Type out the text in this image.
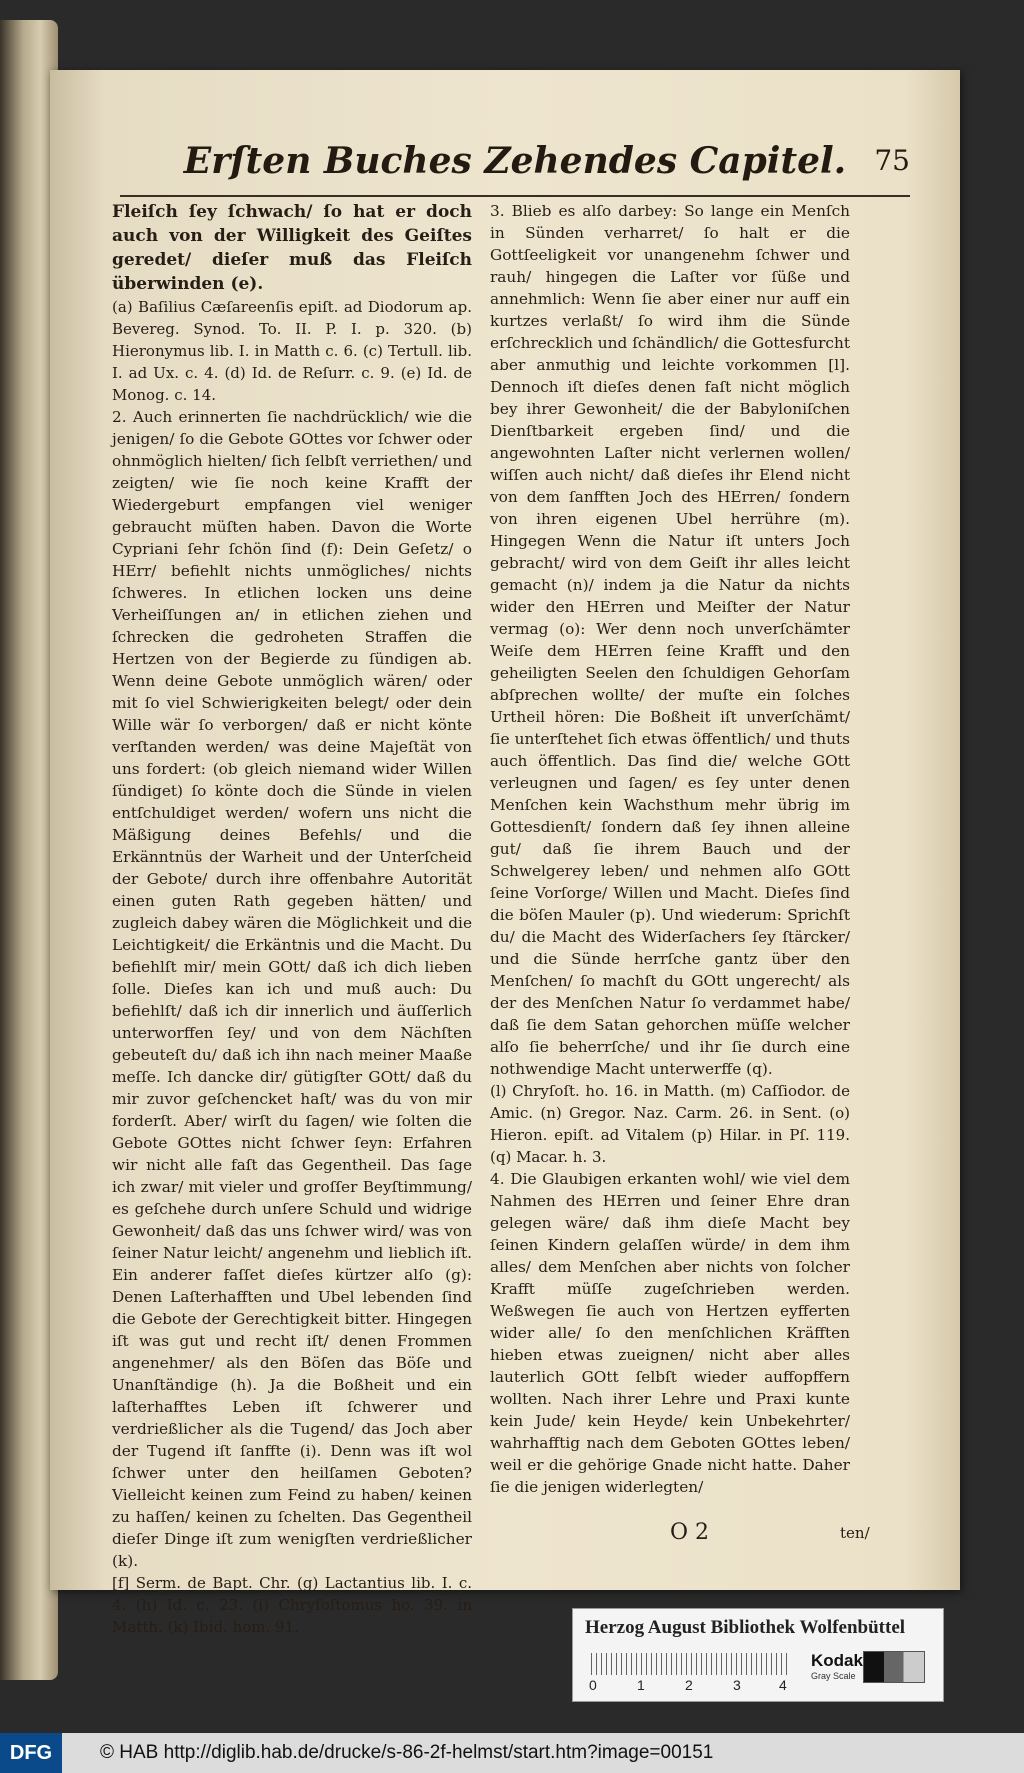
Erſten Buches Zehendes Capitel.	75

Fleiſch ſey ſchwach/ ſo hat er doch auch von der Willigkeit des Geiſtes geredet/ dieſer muß das Fleiſch überwinden (e).

(a) Baſilius Cæſareenſis epiſt. ad Diodorum ap. Bevereg. Synod. To. II. P. I. p. 320. (b) Hieronymus lib. I. in Matth c. 6. (c) Tertull. lib. I. ad Ux. c. 4. (d) Id. de Reſurr. c. 9. (e) Id. de Monog. c. 14.

2. Auch erinnerten ſie nachdrücklich/ wie die jenigen/ ſo die Gebote GOttes vor ſchwer oder ohnmöglich hielten/ ſich ſelbſt verriethen/ und zeigten/ wie ſie noch keine Krafft der Wiedergeburt empfangen viel weniger gebraucht müſten haben. Davon die Worte Cypriani ſehr ſchön ſind (f): Dein Geſetz/ o HErr/ befiehlt nichts unmögliches/ nichts ſchweres. In etlichen locken uns deine Verheiſſungen an/ in etlichen ziehen und ſchrecken die gedroheten Straffen die Hertzen von der Begierde zu ſündigen ab. Wenn deine Gebote unmöglich wären/ oder mit ſo viel Schwierigkeiten belegt/ oder dein Wille wär ſo verborgen/ daß er nicht könte verſtanden werden/ was deine Majeſtät von uns fordert: (ob gleich niemand wider Willen ſündiget) ſo könte doch die Sünde in vielen entſchuldiget werden/ wofern uns nicht die Mäßigung deines Befehls/ und die Erkänntnüs der Warheit und der Unterſcheid der Gebote/ durch ihre offenbahre Autorität einen guten Rath gegeben hätten/ und zugleich dabey wären die Möglichkeit und die Leichtigkeit/ die Erkäntnis und die Macht. Du befiehlſt mir/ mein GOtt/ daß ich dich lieben ſolle. Dieſes kan ich und muß auch: Du befiehlſt/ daß ich dir innerlich und äuſſerlich unterworffen ſey/ und von dem Nächſten gebeuteſt du/ daß ich ihn nach meiner Maaße meſſe. Ich dancke dir/ gütigſter GOtt/ daß du mir zuvor geſchencket haſt/ was du von mir forderſt. Aber/ wirſt du ſagen/ wie ſolten die Gebote GOttes nicht ſchwer ſeyn: Erfahren wir nicht alle faſt das Gegentheil. Das ſage ich zwar/ mit vieler und groſſer Beyſtimmung/ es geſchehe durch unſere Schuld und widrige Gewonheit/ daß das uns ſchwer wird/ was von ſeiner Natur leicht/ angenehm und lieblich iſt. Ein anderer faſſet dieſes kürtzer alſo (g): Denen Laſterhafften und Ubel lebenden ſind die Gebote der Gerechtigkeit bitter. Hingegen iſt was gut und recht iſt/ denen Frommen angenehmer/ als den Böſen das Böſe und Unanſtändige (h). Ja die Boßheit und ein laſterhafftes Leben iſt ſchwerer und verdrießlicher als die Tugend/ das Joch aber der Tugend iſt ſanffte (i). Denn was iſt wol ſchwer unter den heilſamen Geboten? Vielleicht keinen zum Feind zu haben/ keinen zu haſſen/ keinen zu ſchelten. Das Gegentheil dieſer Dinge iſt zum wenigſten verdrießlicher (k).

[f] Serm. de Bapt. Chr. (g) Lactantius lib. I. c. 4. (h) Id. c. 23. (i) Chryſoſtomus ho. 39. in Matth. (k) Ibid. hom. 91.

3. Blieb es alſo darbey: So lange ein Menſch in Sünden verharret/ ſo halt er die Gottſeeligkeit vor unangenehm ſchwer und rauh/ hingegen die Laſter vor ſüße und annehmlich: Wenn ſie aber einer nur auff ein kurtzes verlaßt/ ſo wird ihm die Sünde erſchrecklich und ſchändlich/ die Gottesfurcht aber anmuthig und leichte vorkommen [l]. Dennoch iſt dieſes denen faſt nicht möglich bey ihrer Gewonheit/ die der Babyloniſchen Dienſtbarkeit ergeben ſind/ und die angewohnten Laſter nicht verlernen wollen/ wiſſen auch nicht/ daß dieſes ihr Elend nicht von dem ſanfften Joch des HErren/ ſondern von ihren eigenen Ubel herrühre (m). Hingegen Wenn die Natur iſt unters Joch gebracht/ wird von dem Geiſt ihr alles leicht gemacht (n)/ indem ja die Natur da nichts wider den HErren und Meiſter der Natur vermag (o): Wer denn noch unverſchämter Weiſe dem HErren ſeine Krafft und den geheiligten Seelen den ſchuldigen Gehorſam abſprechen wollte/ der muſte ein ſolches Urtheil hören: Die Boßheit iſt unverſchämt/ ſie unterſtehet ſich etwas öffentlich/ und thuts auch öffentlich. Das ſind die/ welche GOtt verleugnen und ſagen/ es ſey unter denen Menſchen kein Wachsthum mehr übrig im Gottesdienſt/ ſondern daß ſey ihnen alleine gut/ daß ſie ihrem Bauch und der Schwelgerey leben/ und nehmen alſo GOtt ſeine Vorſorge/ Willen und Macht. Dieſes ſind die böſen Mauler (p). Und wiederum: Sprichſt du/ die Macht des Widerſachers ſey ſtärcker/ und die Sünde herrſche gantz über den Menſchen/ ſo machſt du GOtt ungerecht/ als der des Menſchen Natur ſo verdammet habe/ daß ſie dem Satan gehorchen müſſe welcher alſo ſie beherrſche/ und ihr ſie durch eine nothwendige Macht unterwerffe (q).

(l) Chryſoſt. ho. 16. in Matth. (m) Caſſiodor. de Amic. (n) Gregor. Naz. Carm. 26. in Sent. (o) Hieron. epiſt. ad Vitalem (p) Hilar. in Pſ. 119. (q) Macar. h. 3.

4. Die Glaubigen erkanten wohl/ wie viel dem Nahmen des HErren und ſeiner Ehre dran gelegen wäre/ daß ihm dieſe Macht bey ſeinen Kindern gelaſſen würde/ in dem ihm alles/ dem Menſchen aber nichts von ſolcher Krafft müſſe zugeſchrieben werden. Weßwegen ſie auch von Hertzen eyfferten wider alle/ ſo den menſchlichen Kräfften hieben etwas zueignen/ nicht aber alles lauterlich GOtt ſelbſt wieder auffopffern wollten. Nach ihrer Lehre und Praxi kunte kein Jude/ kein Heyde/ kein Unbekehrter/ wahrhafftig nach dem Geboten GOttes leben/ weil er die gehörige Gnade nicht hatte. Daher ſie die jenigen widerlegten/

O 2	ten/
Herzog August Bibliothek Wolfenbüttel
0	1	2	3	4
Kodak
Gray Scale
DFG	© HAB http://diglib.hab.de/drucke/s-86-2f-helmst/start.htm?image=00151
